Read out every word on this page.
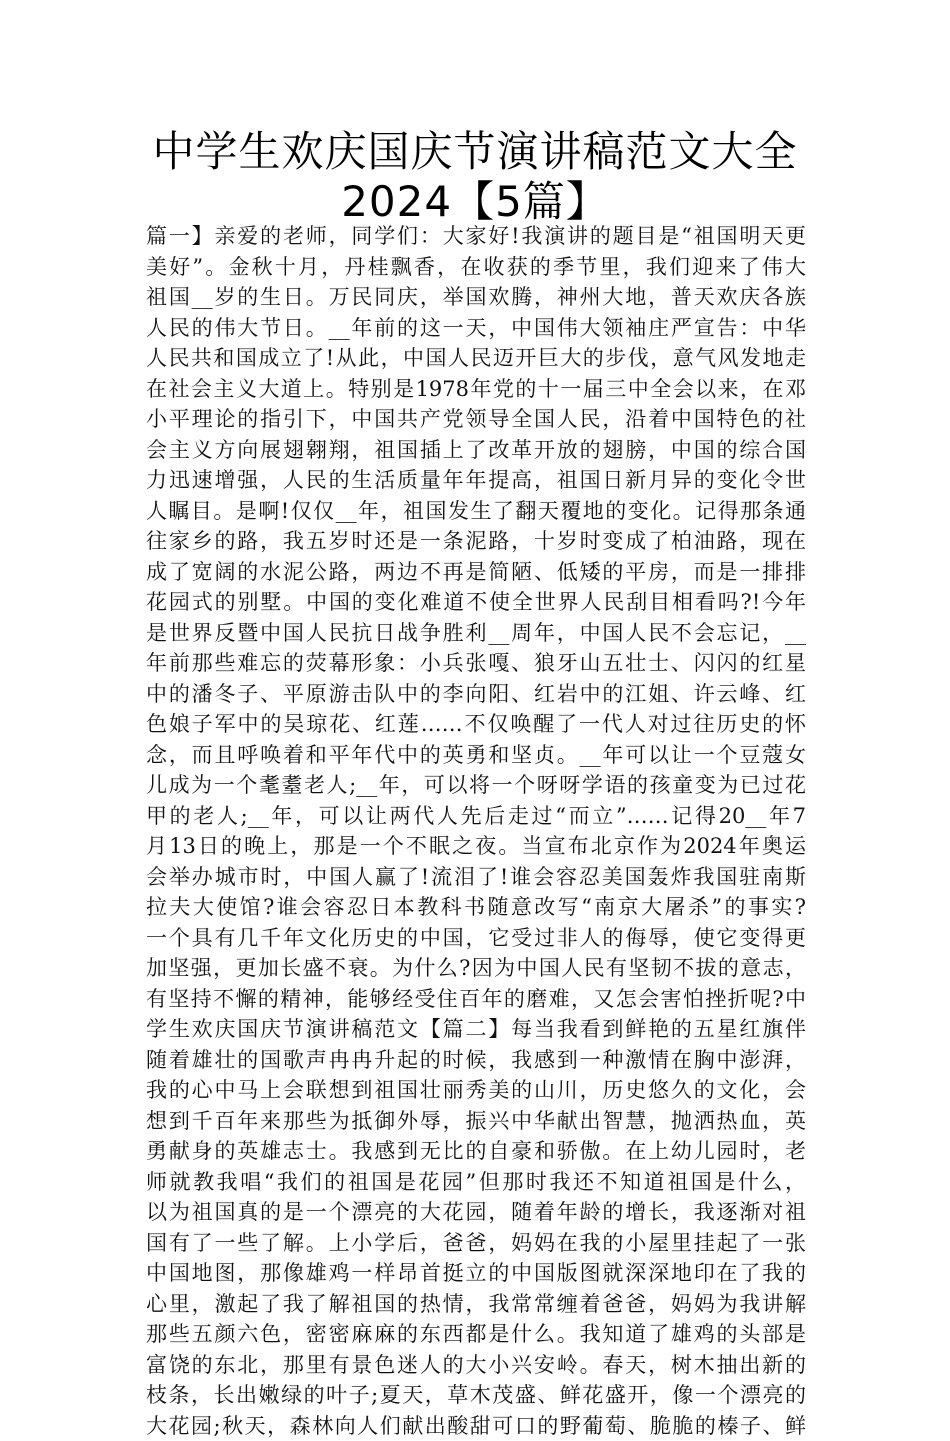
中学生欢庆国庆节演讲稿范文大全
2024【5篇】
篇一】亲爱的老师，同学们：大家好!我演讲的题目是“祖国明天更
美好”。金秋十月，丹桂飘香，在收获的季节里，我们迎来了伟大
祖国__岁的生日。万民同庆，举国欢腾，神州大地，普天欢庆各族
人民的伟大节日。__年前的这一天，中国伟大领袖庄严宣告：中华
人民共和国成立了!从此，中国人民迈开巨大的步伐，意气风发地走
在社会主义大道上。特别是1978年党的十一届三中全会以来，在邓
小平理论的指引下，中国共产党领导全国人民，沿着中国特色的社
会主义方向展翅翱翔，祖国插上了改革开放的翅膀，中国的综合国
力迅速增强，人民的生活质量年年提高，祖国日新月异的变化令世
人瞩目。是啊!仅仅__年，祖国发生了翻天覆地的变化。记得那条通
往家乡的路，我五岁时还是一条泥路，十岁时变成了柏油路，现在
成了宽阔的水泥公路，两边不再是简陋、低矮的平房，而是一排排
花园式的别墅。中国的变化难道不使全世界人民刮目相看吗?!今年
是世界反暨中国人民抗日战争胜利__周年，中国人民不会忘记，__
年前那些难忘的荧幕形象：小兵张嘎、狼牙山五壮士、闪闪的红星
中的潘冬子、平原游击队中的李向阳、红岩中的江姐、许云峰、红
色娘子军中的吴琼花、红莲……不仅唤醒了一代人对过往历史的怀
念，而且呼唤着和平年代中的英勇和坚贞。__年可以让一个豆蔻女
儿成为一个耄耋老人;__年，可以将一个呀呀学语的孩童变为已过花
甲的老人;__年，可以让两代人先后走过“而立”……记得20__年7
月13日的晚上，那是一个不眠之夜。当宣布北京作为2024年奥运
会举办城市时，中国人赢了!流泪了!谁会容忍美国轰炸我国驻南斯
拉夫大使馆?谁会容忍日本教科书随意改写“南京大屠杀”的事实?
一个具有几千年文化历史的中国，它受过非人的侮辱，使它变得更
加坚强，更加长盛不衰。为什么?因为中国人民有坚韧不拔的意志，
有坚持不懈的精神，能够经受住百年的磨难，又怎会害怕挫折呢?中
学生欢庆国庆节演讲稿范文【篇二】每当我看到鲜艳的五星红旗伴
随着雄壮的国歌声冉冉升起的时候，我感到一种激情在胸中澎湃，
我的心中马上会联想到祖国壮丽秀美的山川，历史悠久的文化，会
想到千百年来那些为抵御外辱，振兴中华献出智慧，抛洒热血，英
勇献身的英雄志士。我感到无比的自豪和骄傲。在上幼儿园时，老
师就教我唱“我们的祖国是花园”但那时我还不知道祖国是什么，
以为祖国真的是一个漂亮的大花园，随着年龄的增长，我逐渐对祖
国有了一些了解。上小学后，爸爸，妈妈在我的小屋里挂起了一张
中国地图，那像雄鸡一样昂首挺立的中国版图就深深地印在了我的
心里，激起了我了解祖国的热情，我常常缠着爸爸，妈妈为我讲解
那些五颜六色，密密麻麻的东西都是什么。我知道了雄鸡的头部是
富饶的东北，那里有景色迷人的大小兴安岭。春天，树木抽出新的
枝条，长出嫩绿的叶子;夏天，草木茂盛、鲜花盛开，像一个漂亮的
大花园;秋天，森林向人们献出酸甜可口的野葡萄、脆脆的榛子、鲜
